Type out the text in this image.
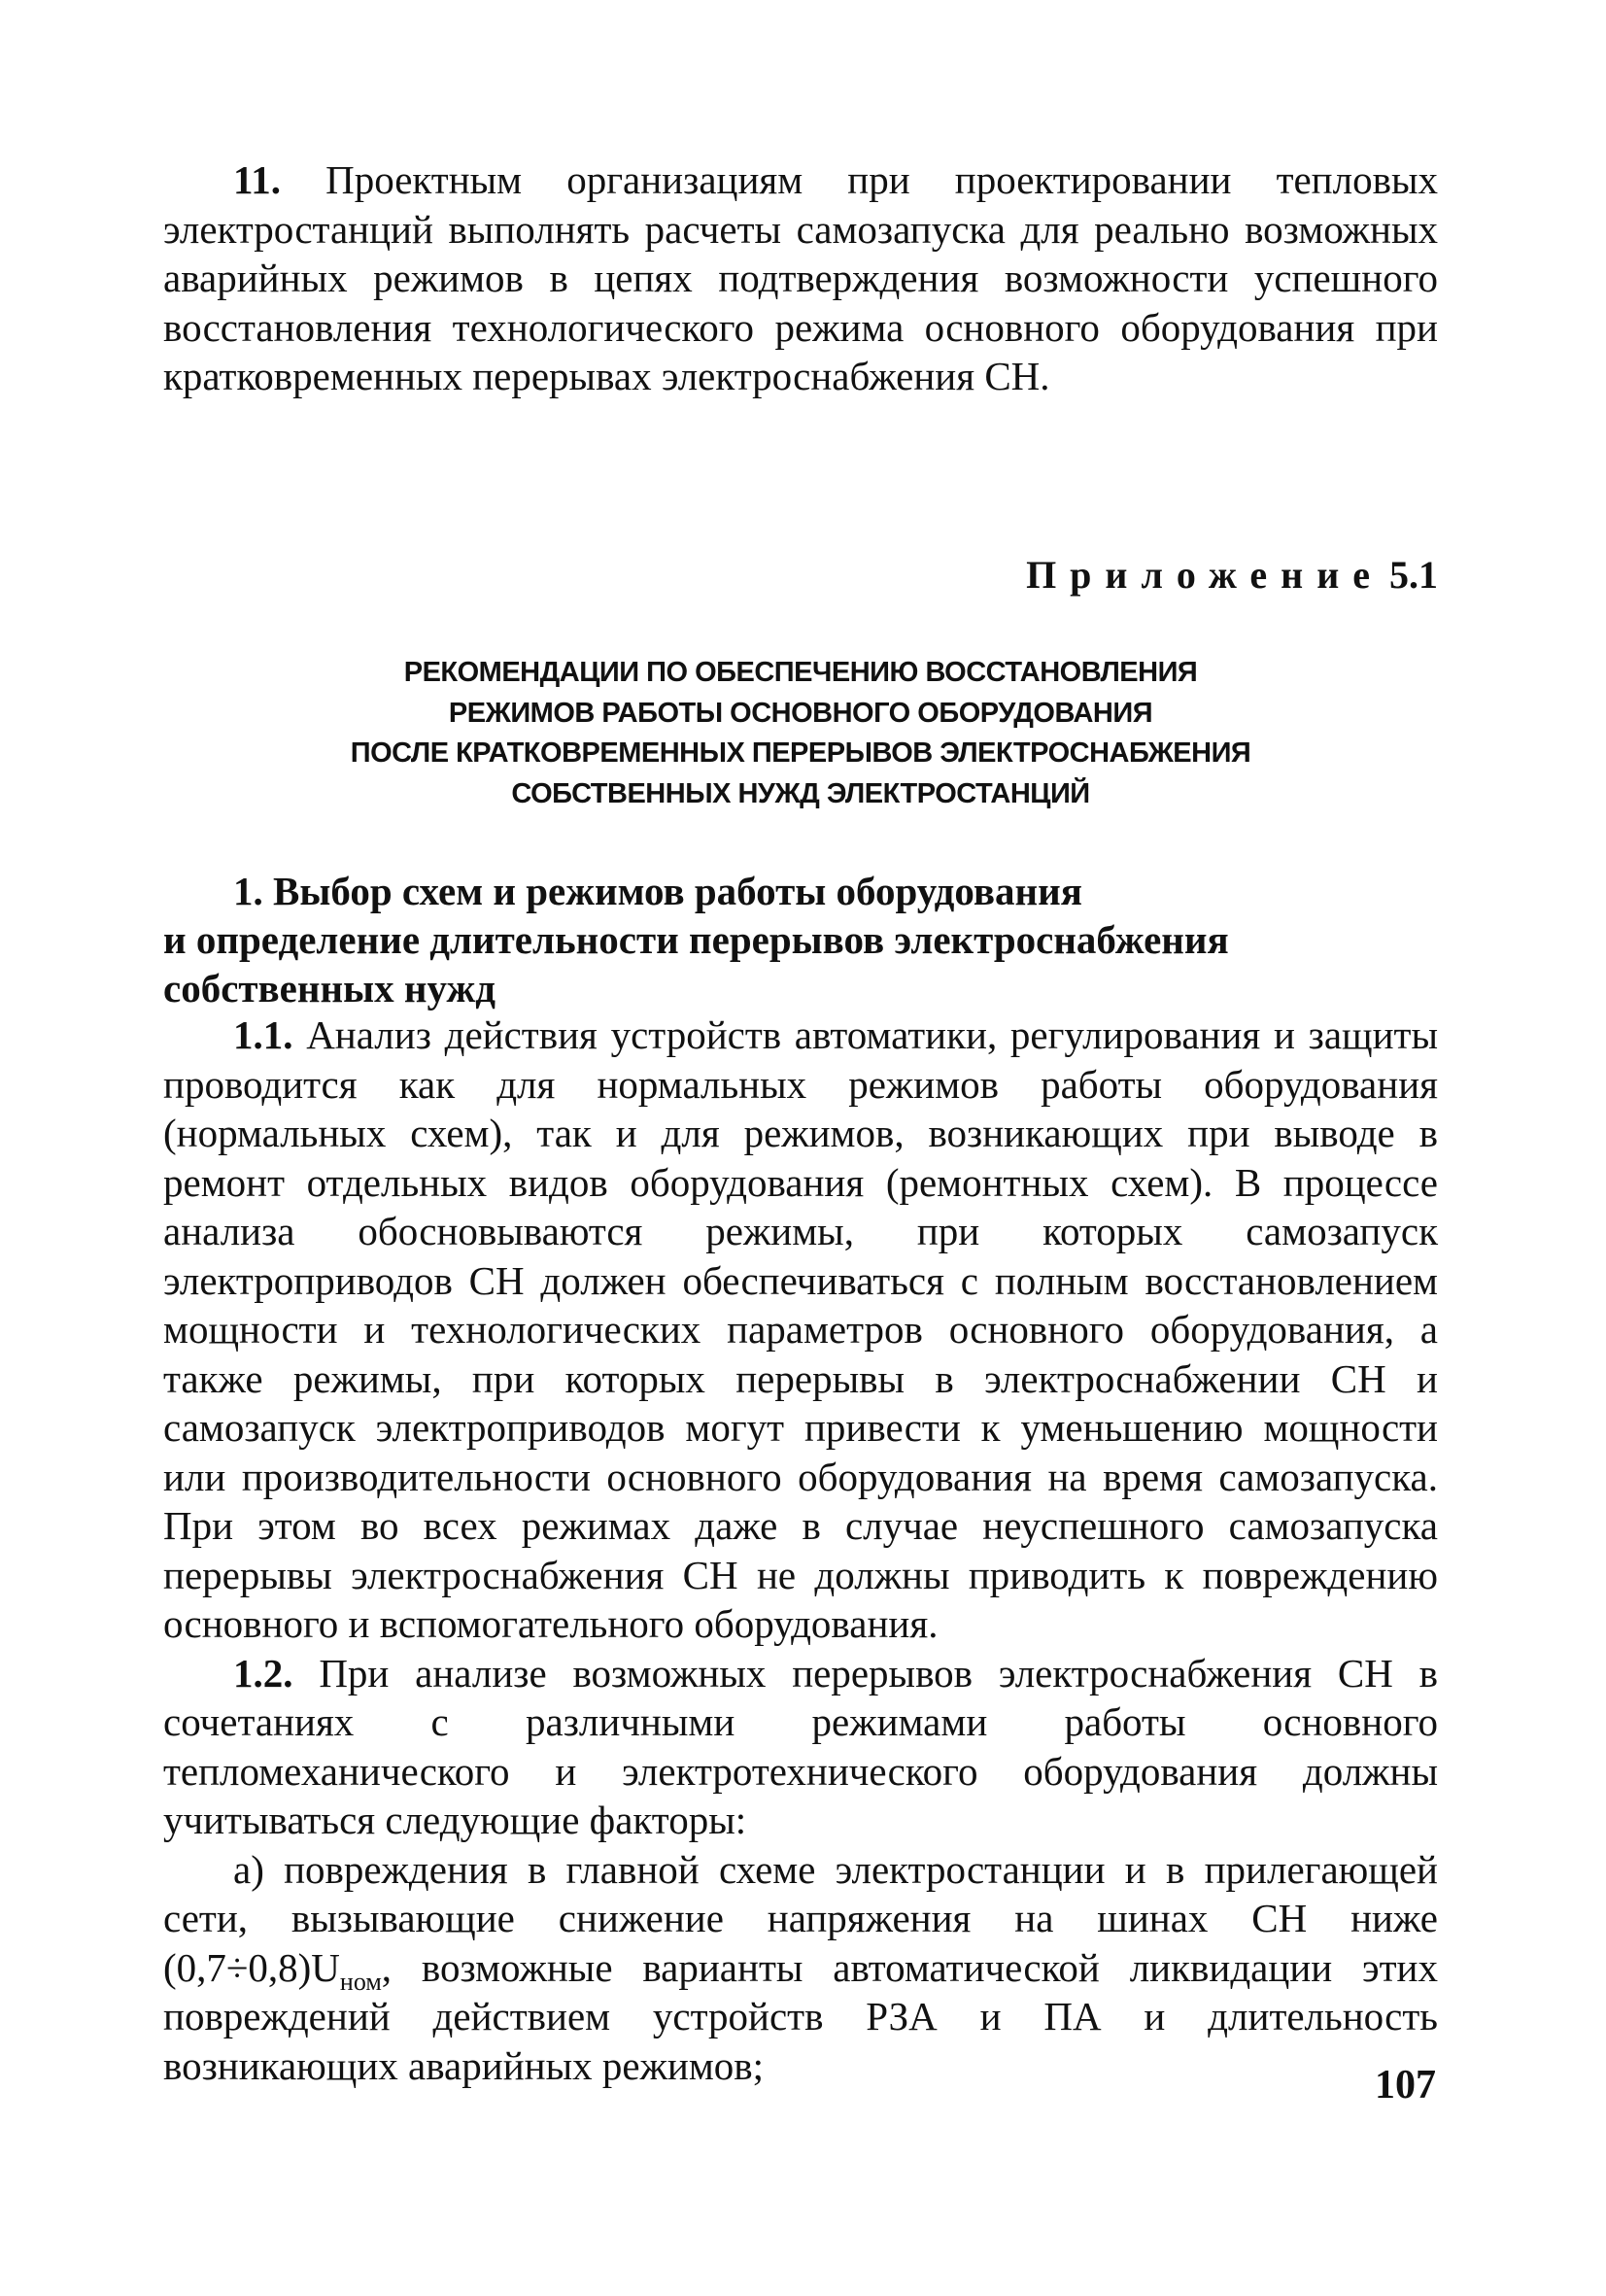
11. Проектным организациям при проектировании тепловых электростанций выполнять расчеты самозапуска для реально возможных аварийных режимов в цепях подтверждения возможности успешного восстановления технологического режима основного оборудования при кратковременных перерывах электроснабжения СН.

Приложение 5.1
РЕКОМЕНДАЦИИ ПО ОБЕСПЕЧЕНИЮ ВОССТАНОВЛЕНИЯ
РЕЖИМОВ РАБОТЫ ОСНОВНОГО ОБОРУДОВАНИЯ
ПОСЛЕ КРАТКОВРЕМЕННЫХ ПЕРЕРЫВОВ ЭЛЕКТРОСНАБЖЕНИЯ
СОБСТВЕННЫХ НУЖД ЭЛЕКТРОСТАНЦИЙ
1. Выбор схем и режимов работы оборудования
и определение длительности перерывов электроснабжения собственных нужд

1.1. Анализ действия устройств автоматики, регулирования и защиты проводится как для нормальных режимов работы оборудования (нормальных схем), так и для режимов, возникающих при выводе в ремонт отдельных видов оборудования (ремонтных схем). В процессе анализа обосновываются режимы, при которых самозапуск электроприводов СН должен обеспечиваться с полным восстановлением мощности и технологических параметров основного оборудования, а также режимы, при которых перерывы в электроснабжении СН и самозапуск электроприводов могут привести к уменьшению мощности или производительности основного оборудования на время самозапуска. При этом во всех режимах даже в случае неуспешного самозапуска перерывы электроснабжения СН не должны приводить к повреждению основного и вспомогательного оборудования.

1.2. При анализе возможных перерывов электроснабжения СН в сочетаниях с различными режимами работы основного тепломеханического и электротехнического оборудования должны учитываться следующие факторы:

а) повреждения в главной схеме электростанции и в прилегающей сети, вызывающие снижение напряжения на шинах СН ниже $(0,7\div 0,8)U_{ном}$, возможные варианты автоматической ликвидации этих повреждений действием устройств РЗА и ПА и длительность возникающих аварийных режимов;	107
